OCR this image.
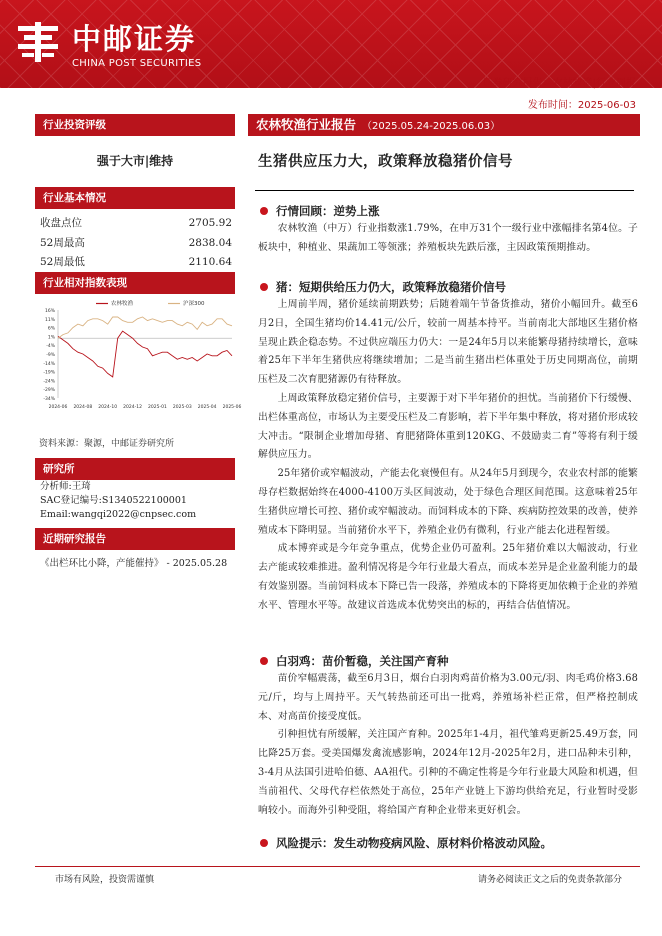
中邮证券
CHINA POST SECURITIES
证券研究报告：农林牧渔|行业周报
发布时间：2025-06-03
行业投资评级
强于大市|维持
行业基本情况
收盘点位	2705.92
52周最高	2838.04
52周最低	2110.64
行业相对指数表现
16%
11%
6%
1%
-4%
-9%
-14%
-19%
-24%
-29%
-34%
2024-06 2024-08 2024-10 2024-12 2025-01 2025-03 2025-04 2025-06
农林牧渔	沪深300
资料来源：聚源，中邮证券研究所
研究所
分析师:王琦
SAC登记编号:S1340522100001
Email:wangqi2022@cnpsec.com
近期研究报告
《出栏环比小降，产能催持》 - 2025.05.28
农林牧渔行业报告 （2025.05.24-2025.06.03）
生猪供应压力大，政策释放稳猪价信号
行情回顾：逆势上涨

农林牧渔（中万）行业指数涨1.79%，在申万31个一级行业中涨幅排名第4位。子板块中，种植业、果蔬加工等领涨；养殖板块先跌后涨，主因政策预期推动。

猪：短期供给压力仍大，政策释放稳猪价信号

上周前半周，猪价延续前期跌势；后随着端午节备货推动，猪价小幅回升。截至6月2日，全国生猪均价14.41元/公斤，较前一周基本持平。当前南北大部地区生猪价格呈现止跌企稳态势。不过供应端压力仍大：一是24年5月以来能繁母猪持续增长，意味着25年下半年生猪供应将继续增加；二是当前生猪出栏体重处于历史同期高位，前期压栏及二次育肥猪源仍有待释放。

上周政策释放稳定猪价信号，主要源于对下半年猪价的担忧。当前猪价下行缓慢、出栏体重高位，市场认为主要受压栏及二育影响，若下半年集中释放，将对猪价形成较大冲击。“限制企业增加母猪、育肥猪降体重到120KG、不鼓励卖二育”等将有利于缓解供应压力。

25年猪价或窄幅波动，产能去化衰慢但有。从24年5月到现今，农业农村部的能繁母存栏数据始终在4000-4100万头区间波动，处于绿色合理区间范围。这意味着25年生猪供应增长可控、猪价或窄幅波动。而饲料成本的下降、疾病防控效果的改善，使养殖成本下降明显。当前猪价水平下，养殖企业仍有微利，行业产能去化进程暂缓。

成本博弈或是今年竞争重点，优势企业仍可盈利。25年猪价难以大幅波动，行业去产能或较难推进。盈利情况将是今年行业最大看点，而成本差异是企业盈利能力的最有效鉴别器。当前饲料成本下降已告一段落，养殖成本的下降将更加依赖于企业的养殖水平、管理水平等。故建议首选成本优势突出的标的，再结合估值情况。

白羽鸡：苗价暂稳，关注国产育种

苗价窄幅震荡，截至6月3日，烟台白羽肉鸡苗价格为3.00元/羽、肉毛鸡价格3.68元/斤，均与上周持平。天气转热前还可出一批鸡，养殖场补栏正常，但严格控制成本、对高苗价接受度低。

引种担忧有所缓解，关注国产育种。2025年1-4月，祖代雏鸡更新25.49万套，同比降25万套。受美国爆发禽流感影响，2024年12月-2025年2月，进口品种未引种，3-4月从法国引进哈伯德、AA祖代。引种的不确定性将是今年行业最大风险和机遇，但当前祖代、父母代存栏依然处于高位，25年产业链上下游均供给充足，行业暂时受影响较小。而海外引种受阻，将给国产育种企业带来更好机会。

风险提示：发生动物疫病风险、原材料价格波动风险。
市场有风险，投资需谨慎	请务必阅读正文之后的免责条款部分
